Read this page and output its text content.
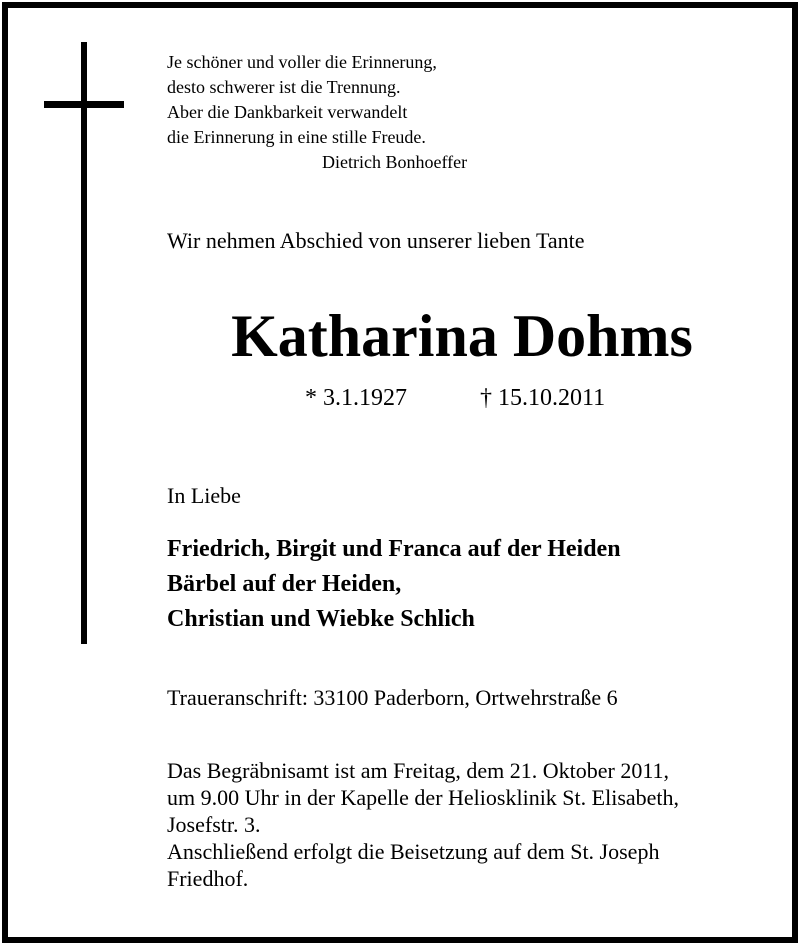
Je schöner und voller die Erinnerung,
desto schwerer ist die Trennung.
Aber die Dankbarkeit verwandelt
die Erinnerung in eine stille Freude.
Dietrich Bonhoeffer
Wir nehmen Abschied von unserer lieben Tante
Katharina Dohms
* 3.1.1927	† 15.10.2011
In Liebe
Friedrich, Birgit und Franca auf der Heiden
Bärbel auf der Heiden,
Christian und Wiebke Schlich
Traueranschrift: 33100 Paderborn, Ortwehrstraße 6
Das Begräbnisamt ist am Freitag, dem 21. Oktober 2011,
um 9.00 Uhr in der Kapelle der Heliosklinik St. Elisabeth,
Josefstr. 3.
Anschließend erfolgt die Beisetzung auf dem St. Joseph
Friedhof.
